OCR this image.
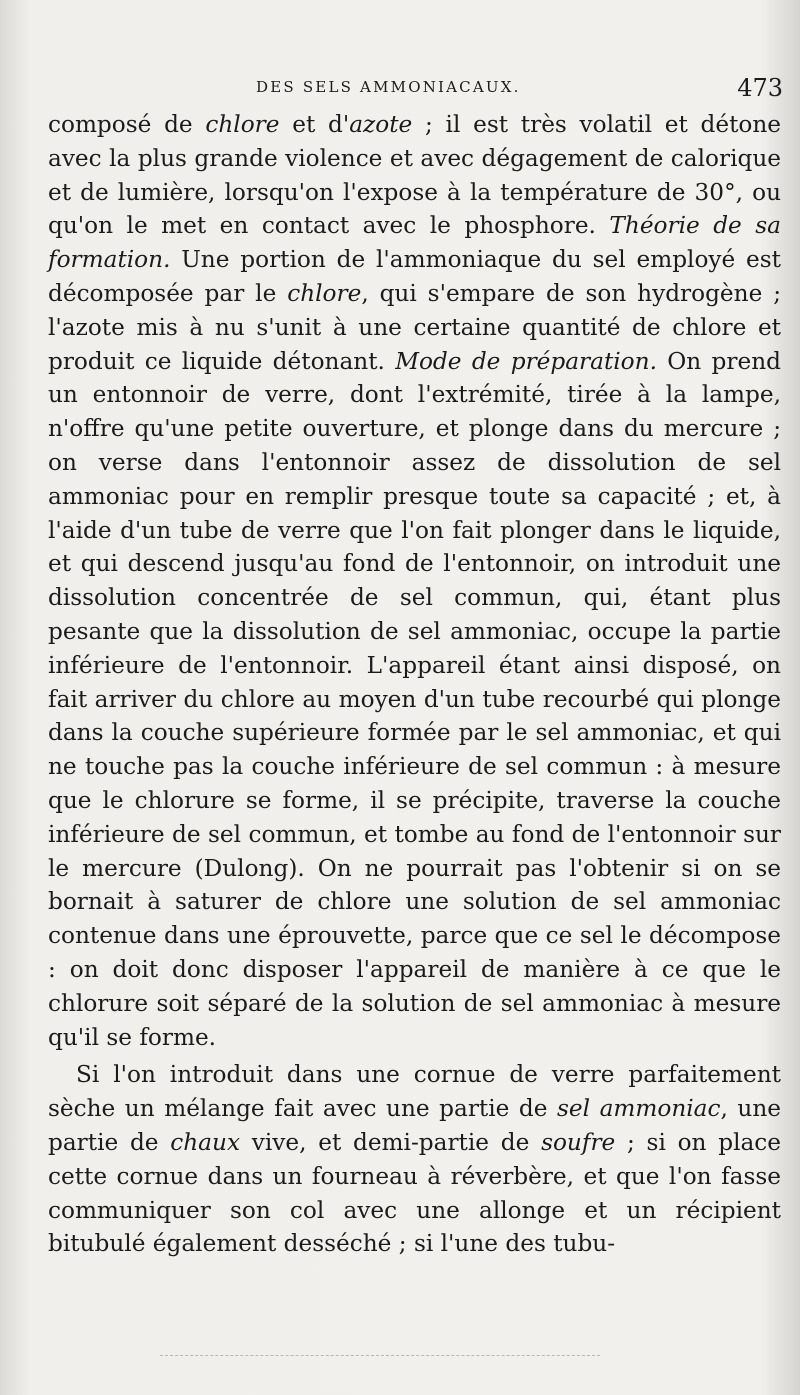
DES SELS AMMONIACAUX.	473

composé de chlore et d'azote ; il est très volatil et détone avec la plus grande violence et avec dégagement de calorique et de lumière, lorsqu'on l'expose à la température de 30°, ou qu'on le met en contact avec le phosphore. Théorie de sa formation. Une portion de l'ammoniaque du sel employé est décomposée par le chlore, qui s'empare de son hydrogène ; l'azote mis à nu s'unit à une certaine quantité de chlore et produit ce liquide détonant. Mode de préparation. On prend un entonnoir de verre, dont l'extrémité, tirée à la lampe, n'offre qu'une petite ouverture, et plonge dans du mercure ; on verse dans l'entonnoir assez de dissolution de sel ammoniac pour en remplir presque toute sa capacité ; et, à l'aide d'un tube de verre que l'on fait plonger dans le liquide, et qui descend jusqu'au fond de l'entonnoir, on introduit une dissolution concentrée de sel commun, qui, étant plus pesante que la dissolution de sel ammoniac, occupe la partie inférieure de l'entonnoir. L'appareil étant ainsi disposé, on fait arriver du chlore au moyen d'un tube recourbé qui plonge dans la couche supérieure formée par le sel ammoniac, et qui ne touche pas la couche inférieure de sel commun : à mesure que le chlorure se forme, il se précipite, traverse la couche inférieure de sel commun, et tombe au fond de l'entonnoir sur le mercure (Dulong). On ne pourrait pas l'obtenir si on se bornait à saturer de chlore une solution de sel ammoniac contenue dans une éprouvette, parce que ce sel le décompose : on doit donc disposer l'appareil de manière à ce que le chlorure soit séparé de la solution de sel ammoniac à mesure qu'il se forme.

Si l'on introduit dans une cornue de verre parfaitement sèche un mélange fait avec une partie de sel ammoniac, une partie de chaux vive, et demi-partie de soufre ; si on place cette cornue dans un fourneau à réverbère, et que l'on fasse communiquer son col avec une allonge et un récipient bitubulé également desséché ; si l'une des tubu-
